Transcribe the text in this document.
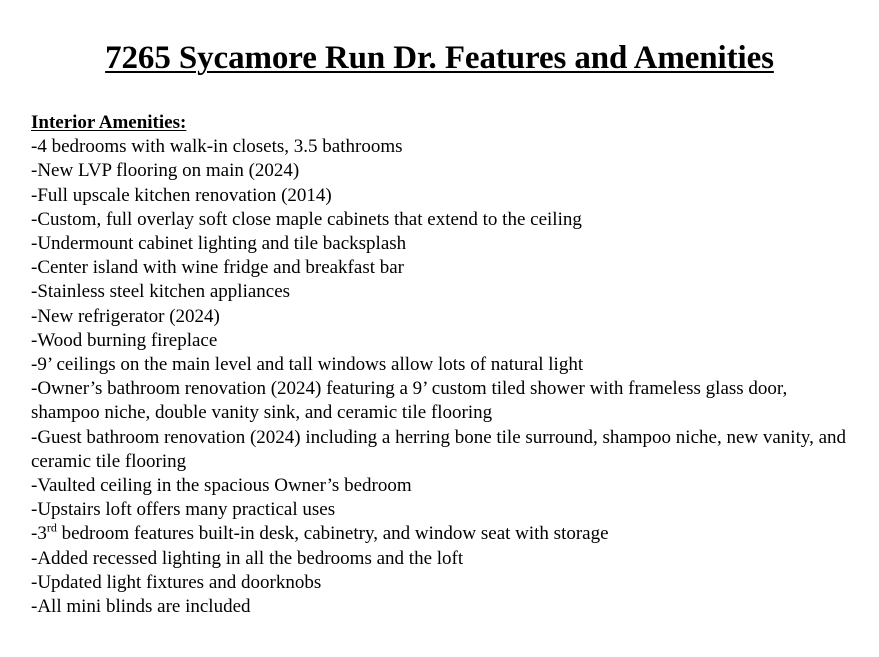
7265 Sycamore Run Dr. Features and Amenities

Interior Amenities:

-4 bedrooms with walk-in closets, 3.5 bathrooms

-New LVP flooring on main (2024)

-Full upscale kitchen renovation (2014)

-Custom, full overlay soft close maple cabinets that extend to the ceiling

-Undermount cabinet lighting and tile backsplash

-Center island with wine fridge and breakfast bar

-Stainless steel kitchen appliances

-New refrigerator (2024)

-Wood burning fireplace

-9’ ceilings on the main level and tall windows allow lots of natural light

-Owner’s bathroom renovation (2024) featuring a 9’ custom tiled shower with frameless glass door, shampoo niche, double vanity sink, and ceramic tile flooring

-Guest bathroom renovation (2024) including a herring bone tile surround, shampoo niche, new vanity, and ceramic tile flooring

-Vaulted ceiling in the spacious Owner’s bedroom

-Upstairs loft offers many practical uses

-3rd bedroom features built-in desk, cabinetry, and window seat with storage

-Added recessed lighting in all the bedrooms and the loft

-Updated light fixtures and doorknobs

-All mini blinds are included
